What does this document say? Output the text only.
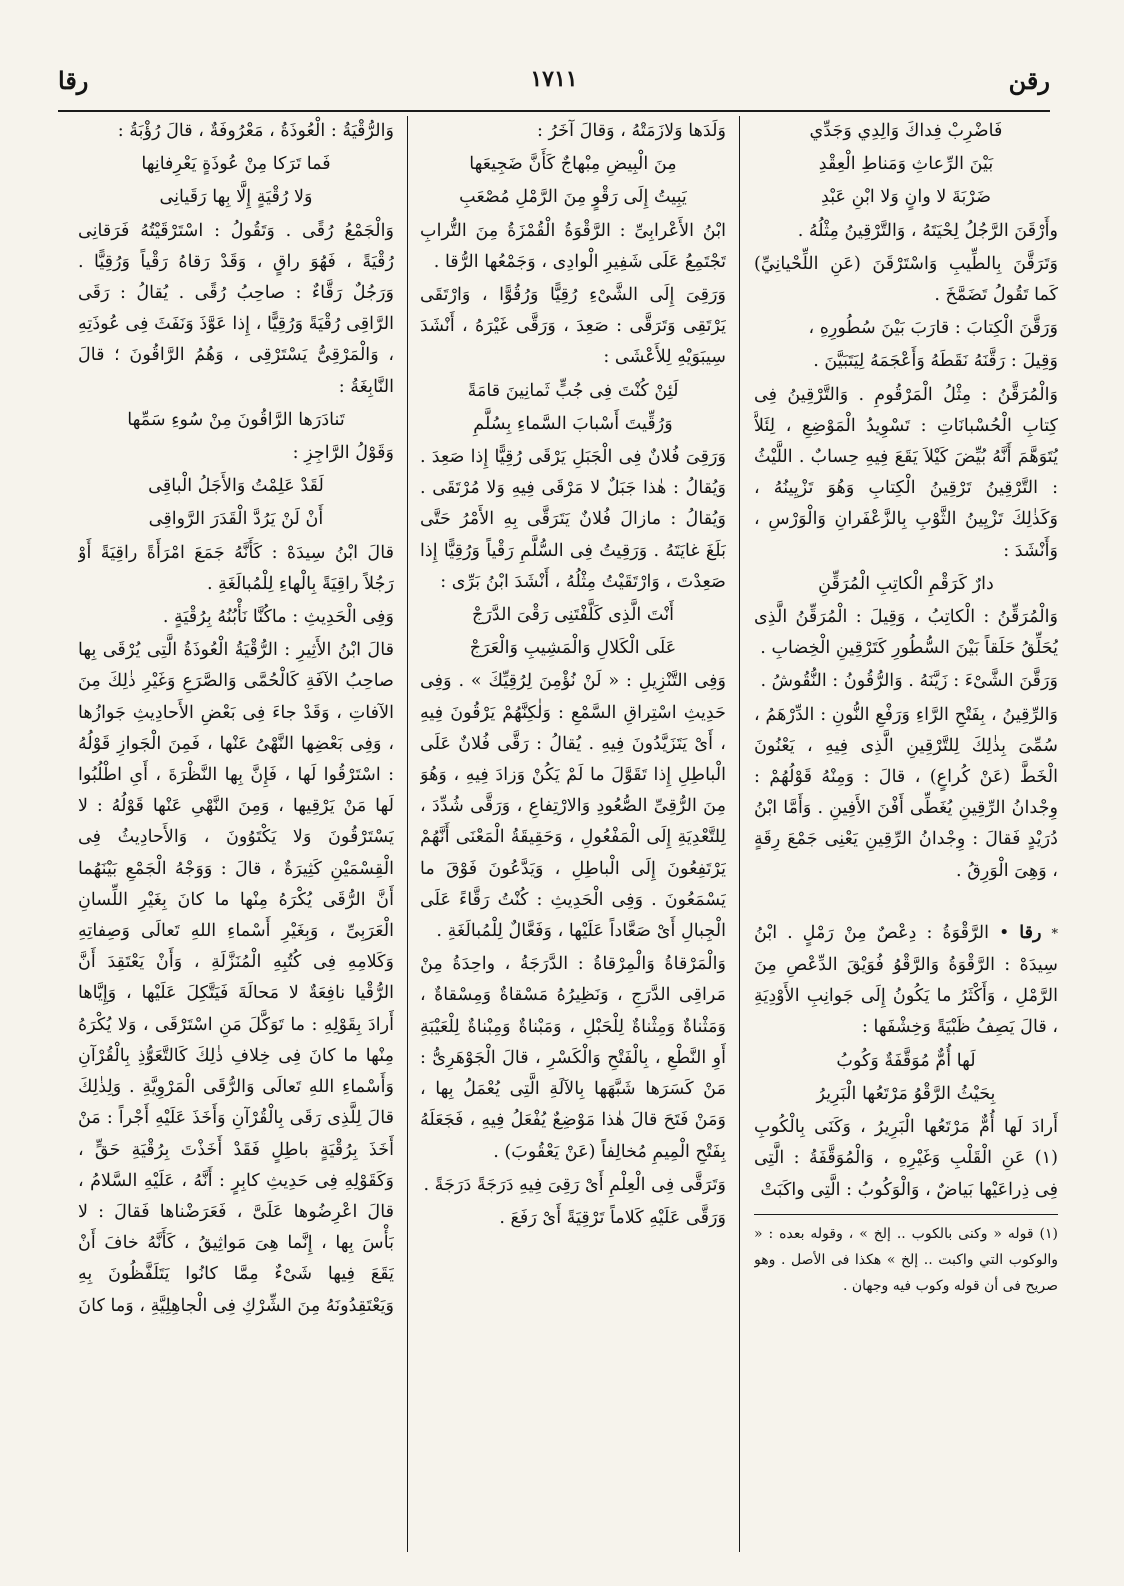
رقن
١٧١١
رقا

فَاضْرِبْ فِداكَ وَالِدِي وَجَدِّي

بَيْنَ الرِّعاثِ وَمَناطِ الْعِقْدِ

ضَرْبَةَ لا وانٍ وَلا ابْنِ عَبْدِ

وأَرْقَنَ الرَّجُلُ لِحْيَتَهُ ، وَالتَّرْقِينُ مِثْلُهُ .

وَتَرَقَّنَ بِالطِّيبِ وَاسْتَرْقَنَ (عَنِ اللِّحْيانِيِّ) كَما تَقُولُ تَضَمَّخَ .

وَرَقَّنَ الْكِتابَ : قارَبَ بَيْنَ سُطُورِهِ ،

وَقِيلَ : رَقَّنَهُ نَقَطَهُ وَأَعْجَمَهُ لِيَتَبَيَّنَ .

وَالْمُرَقَّنُ : مِثْلُ الْمَرْقُومِ . وَالتَّرْقِينُ فِى كِتابِ الْحُسْبانَاتِ : تَسْوِيدُ الْمَوْضِعِ ، لِئَلاَّ يُتَوَهَّمَ أَنَّهُ بُيِّضَ كَيْلاَ يَقَعَ فِيهِ حِسابٌ . اللَّيْثُ : التَّرْقِينُ تَرْقِينُ الْكِتابِ وَهُوَ تَزْيِينُهُ ، وَكَذٰلِكَ تَزْيِينُ الثَّوْبِ بِالزَّعْفَرانِ وَالْوَرْسِ ، وَأَنْشَدَ :

دارٌ كَرَقْمِ الْكاتِبِ الْمُرَقِّنِ

وَالْمُرَقِّنُ : الْكاتِبُ ، وَقِيلَ : الْمُرَقِّنُ الَّذِى يُحَلِّقُ حَلَقاً بَيْنَ السُّطُورِ كَتَرْقِينِ الْخِضابِ .

وَرَقَّنَ الشَّىْءَ : زَيَّنَهُ . وَالرُّقُونُ : النُّقُوشُ .

وَالرِّقِينُ ، بِفَتْحِ الرَّاءِ وَرَفْعِ النُّونِ : الدِّرْهَمُ ، سُمِّىَ بِذٰلِكَ لِلتَّرْقِينِ الَّذِى فِيهِ ، يَعْنُونَ الْخَطَّ (عَنْ كُراعٍ) ، قالَ : وَمِنْهُ قَوْلُهُمْ : وِجْدانُ الرِّقِينِ يُغَطِّى أَفْنَ الأَفِينِ . وَأَمَّا ابْنُ دُرَيْدٍ فَقالَ : وِجْدانُ الرِّقِينِ يَعْنِى جَمْعَ رِقَةٍ ، وَهِىَ الْوَرِقُ .

* رقا • الرَّقْوَةُ : دِعْصٌ مِنْ رَمْلٍ . ابْنُ سِيدَهْ : الرَّقْوَةُ وَالرَّقْوُ فُوَيْقَ الدِّعْصِ مِنَ الرَّمْلِ ، وَأَكْثَرُ ما يَكُونُ إِلَى جَوانِبِ الأَوْدِيَةِ ، قالَ يَصِفُ ظَبْيَةً وَخِشْفَها :

لَها أُمٌّ مُوَقَّفَةٌ وَكُوبُ

بِحَيْثُ الرَّقْوُ مَرْتَعُها الْبَرِيرُ

أَرادَ لَها أُمٌّ مَرْتَعُها الْبَرِيرُ ، وَكَنَى بِالْكُوبِ (١) عَنِ الْقَلْبِ وَغَيْرِهِ ، وَالْمُوَقَّفَةُ : الَّتِى فِى ذِراعَيْها بَياضٌ ، وَالْوَكُوبُ : الَّتِى واكَبَتْ

(١) قوله « وكنى بالكوب .. إلخ » ، وقوله بعده : « والوكوب التي واكبت .. إلخ » هكذا فى الأصل . وهو صريح فى أن قوله وكوب فيه وجهان .

وَلَدَها وَلازَمَتْهُ ، وَقالَ آخَرُ :

مِنَ الْبِيضِ مِبْهاجٌ كَأَنَّ ضَجِيعَها

يَبِيتُ إِلَى رَقْوٍ مِنَ الرَّمْلِ مُصْعَبِ

ابْنُ الأَعْرابِىِّ : الرَّقْوَةُ الْقُمْزَةُ مِنَ التُّرابِ تَجْتَمِعُ عَلَى شَفِيرِ الْوادِى ، وَجَمْعُها الرُّقا .

وَرَقِىَ إِلَى الشَّىْءِ رُقِيًّا وَرُقُوًّا ، وَارْتَقَى يَرْتَقِى وَتَرَقَّى : صَعِدَ ، وَرَقَّى غَيْرَهُ ، أَنْشَدَ سِيبَوَيْهِ لِلأَعْشَى :

لَئِنْ كُنْتَ فِى جُبٍّ ثَمانِينَ قامَةً

وَرُقِّيتَ أَسْبابَ السَّماءِ بِسُلَّمِ

وَرَقِىَ فُلانٌ فِى الْجَبَلِ يَرْقَى رُقِيًّا إِذا صَعِدَ . وَيُقالُ : هٰذا جَبَلٌ لا مَرْقَى فِيهِ وَلا مُرْتَقَى . وَيُقالُ : مازالَ فُلانٌ يَتَرَقَّى بِهِ الأَمْرُ حَتَّى بَلَغَ غايَتَهُ . وَرَقِيتُ فِى السُّلَّمِ رَقْياً وَرُقِيًّا إِذا صَعِدْتَ ، وَارْتَقَيْتُ مِثْلُهُ ، أَنْشَدَ ابْنُ بَرِّى :

أَنْتَ الَّذِى كَلَّفْتَنِى رَقْىَ الدَّرَجْ

عَلَى الْكَلالِ وَالْمَشِيبِ وَالْعَرَجْ

وَفِى التَّنْزِيلِ : « لَنْ نُؤْمِنَ لِرُقِيِّكَ » . وَفِى حَدِيثِ اسْتِراقِ السَّمْعِ : وَلٰكِنَّهُمْ يَرْقُونَ فِيهِ ، أَىْ يَتَزَيَّدُونَ فِيهِ . يُقالُ : رَقَّى فُلانٌ عَلَى الْباطِلِ إِذا تَقَوَّلَ ما لَمْ يَكُنْ وَزادَ فِيهِ ، وَهُوَ مِنَ الرُّقِىِّ الصُّعُودِ وَالارْتِفاعِ ، وَرَقَّى شُدِّدَ ، لِلتَّعْدِيَةِ إِلَى الْمَفْعُولِ ، وَحَقِيقَةُ الْمَعْنَى أَنَّهُمْ يَرْتَفِعُونَ إِلَى الْباطِلِ ، وَيَدَّعُونَ فَوْقَ ما يَسْمَعُونَ . وَفِى الْحَدِيثِ : كُنْتُ رَقَّاءً عَلَى الْجِبالِ أَىْ صَعَّاداً عَلَيْها ، وَفَعَّالٌ لِلْمُبالَغَةِ .

وَالْمَرْقاةُ وَالْمِرْقاةُ : الدَّرَجَةُ ، واحِدَةُ مِنْ مَراقِى الدَّرَجِ ، وَنَظِيرُهُ مَسْقاةٌ وَمِسْقاةٌ ، وَمَثْناةٌ وَمِثْناةٌ لِلْحَبْلِ ، وَمَبْناةٌ وَمِبْناةٌ لِلْعَيْبَةِ أَوِ النَّطْعِ ، بِالْفَتْحِ وَالْكَسْرِ ، قالَ الْجَوْهَرِىُّ : مَنْ كَسَرَها شَبَّهَها بِالآلَةِ الَّتِى يُعْمَلُ بِها ، وَمَنْ فَتَحَ قالَ هٰذا مَوْضِعٌ يُفْعَلُ فِيهِ ، فَجَعَلَهُ بِفَتْحِ الْمِيمِ مُخالِفاً (عَنْ يَعْقُوبَ) .

وَتَرَقَّى فِى الْعِلْمِ أَىْ رَقِىَ فِيهِ دَرَجَةً دَرَجَةً .

وَرَقَّى عَلَيْهِ كَلاماً تَرْقِيَةً أَىْ رَفَعَ .

وَالرُّقْيَةُ : الْعُوذَةُ ، مَعْرُوفَةٌ ، قالَ رُؤْبَةُ :

فَما تَرَكا مِنْ عُوذَةٍ يَعْرِفانِها

وَلا رُقْيَةٍ إِلَّا بِها رَقَيانِى

وَالْجَمْعُ رُقًى . وَتَقُولُ : اسْتَرْقَيْتُهُ فَرَقانِى رُقْيَةً ، فَهُوَ راقٍ ، وَقَدْ رَقاهُ رَقْياً وَرُقِيًّا . وَرَجُلٌ رَقَّاءٌ : صاحِبُ رُقًى . يُقالُ : رَقَى الرَّاقِى رُقْيَةً وَرُقِيًّا ، إِذا عَوَّذَ وَنَفَثَ فِى عُوذَتِهِ ، وَالْمَرْقِىُّ يَسْتَرْقِى ، وَهُمُ الرَّاقُونَ ؛ قالَ النَّابِغَةُ :

تَنادَرَها الرَّاقُونَ مِنْ سُوءِ سَمِّها

وَقَوْلُ الرَّاجِزِ :

لَقَدْ عَلِمْتُ وَالأَجَلُ الْباقِى

أَنْ لَنْ يَرُدَّ الْقَدَرَ الرَّواقِى

قالَ ابْنُ سِيدَهْ : كَأَنَّهُ جَمَعَ امْرَأَةً راقِيَةً أَوْ رَجُلاً راقِيَةً بِالْهاءِ لِلْمُبالَغَةِ .

وَفِى الْحَدِيثِ : ماكُنَّا نَأْبُنُهُ بِرُقْيَةٍ .

قالَ ابْنُ الأَثِيرِ : الرُّقْيَةُ الْعُوذَةُ الَّتِى يُرْقَى بِها صاحِبُ الآفَةِ كَالْحُمَّى وَالصَّرَعِ وَغَيْرِ ذٰلِكَ مِنَ الآفاتِ ، وَقَدْ جاءَ فِى بَعْضِ الأَحادِيثِ جَوازُها ، وَفِى بَعْضِها النَّهْىُ عَنْها ، فَمِنَ الْجَوازِ قَوْلُهُ : اسْتَرْقُوا لَها ، فَإِنَّ بِها النَّظْرَةَ ، أَىِ اطْلُبُوا لَها مَنْ يَرْقِيها ، وَمِنَ النَّهْىِ عَنْها قَوْلُهُ : لا يَسْتَرْقُونَ وَلا يَكْتَوُونَ ، وَالأَحادِيثُ فِى الْقِسْمَيْنِ كَثِيرَةٌ ، قالَ : وَوَجْهُ الْجَمْعِ بَيْنَهُما أَنَّ الرُّقَى يُكْرَهُ مِنْها ما كانَ بِغَيْرِ اللِّسانِ الْعَرَبِىِّ ، وَبِغَيْرِ أَسْماءِ اللهِ تَعالَى وَصِفاتِهِ وَكَلامِهِ فِى كُتُبِهِ الْمُنَزَّلَةِ ، وَأَنْ يَعْتَقِدَ أَنَّ الرُّقْيا نافِعَةٌ لا مَحالَةَ فَيَتَّكِلَ عَلَيْها ، وَإِيَّاها أَرادَ بِقَوْلِهِ : ما تَوَكَّلَ مَنِ اسْتَرْقَى ، وَلا يُكْرَهُ مِنْها ما كانَ فِى خِلافِ ذٰلِكَ كَالتَّعَوُّذِ بِالْقُرْآنِ وَأَسْماءِ اللهِ تَعالَى وَالرُّقَى الْمَرْوِيَّةِ . وَلِذٰلِكَ قالَ لِلَّذِى رَقَى بِالْقُرْآنِ وَأَخَذَ عَلَيْهِ أَجْراً : مَنْ أَخَذَ بِرُقْيَةٍ باطِلٍ فَقَدْ أَخَذْتَ بِرُقْيَةِ حَقٍّ ، وَكَقَوْلِهِ فِى حَدِيثِ كابِرٍ : أَنَّهُ ، عَلَيْهِ السَّلامُ ، قالَ اعْرِضُوها عَلَىَّ ، فَعَرَضْناها فَقالَ : لا بَأْسَ بِها ، إِنَّما هِىَ مَواثِيقُ ، كَأَنَّهُ خافَ أَنْ يَقَعَ فِيها شَىْءٌ مِمَّا كانُوا يَتَلَفَّظُونَ بِهِ وَيَعْتَقِدُونَهُ مِنَ الشِّرْكِ فِى الْجاهِلِيَّةِ ، وَما كانَ
